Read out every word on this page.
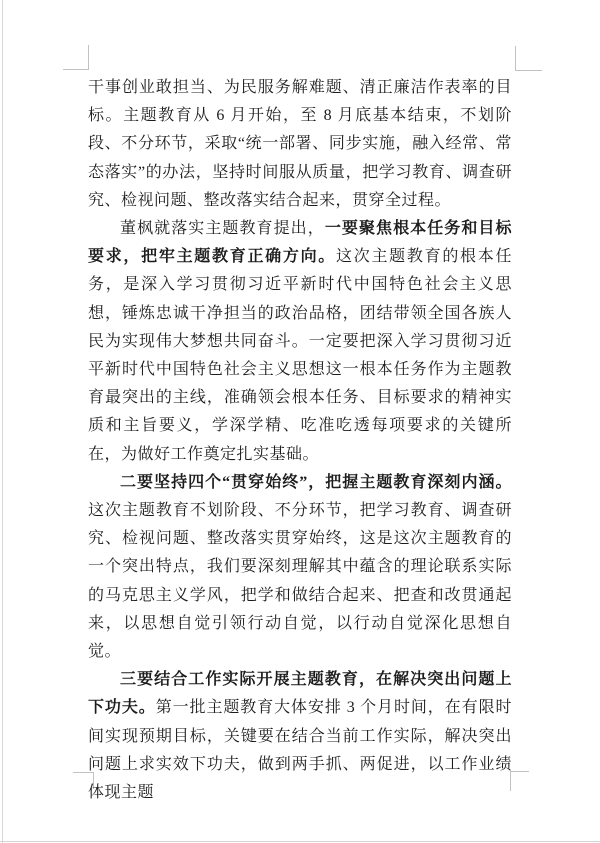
干事创业敢担当、为民服务解难题、清正廉洁作表率的目标。主题教育从 6 月开始，至 8 月底基本结束，不划阶段、不分环节，采取“统一部署、同步实施，融入经常、常态落实”的办法，坚持时间服从质量，把学习教育、调查研究、检视问题、整改落实结合起来，贯穿全过程。

董枫就落实主题教育提出，一要聚焦根本任务和目标要求，把牢主题教育正确方向。这次主题教育的根本任务，是深入学习贯彻习近平新时代中国特色社会主义思想，锤炼忠诚干净担当的政治品格，团结带领全国各族人民为实现伟大梦想共同奋斗。一定要把深入学习贯彻习近平新时代中国特色社会主义思想这一根本任务作为主题教育最突出的主线，准确领会根本任务、目标要求的精神实质和主旨要义，学深学精、吃准吃透每项要求的关键所在，为做好工作奠定扎实基础。

二要坚持四个“贯穿始终”，把握主题教育深刻内涵。这次主题教育不划阶段、不分环节，把学习教育、调查研究、检视问题、整改落实贯穿始终，这是这次主题教育的一个突出特点，我们要深刻理解其中蕴含的理论联系实际的马克思主义学风，把学和做结合起来、把查和改贯通起来，以思想自觉引领行动自觉，以行动自觉深化思想自觉。

三要结合工作实际开展主题教育，在解决突出问题上下功夫。第一批主题教育大体安排 3 个月时间，在有限时间实现预期目标，关键要在结合当前工作实际，解决突出问题上求实效下功夫，做到两手抓、两促进，以工作业绩体现主题
